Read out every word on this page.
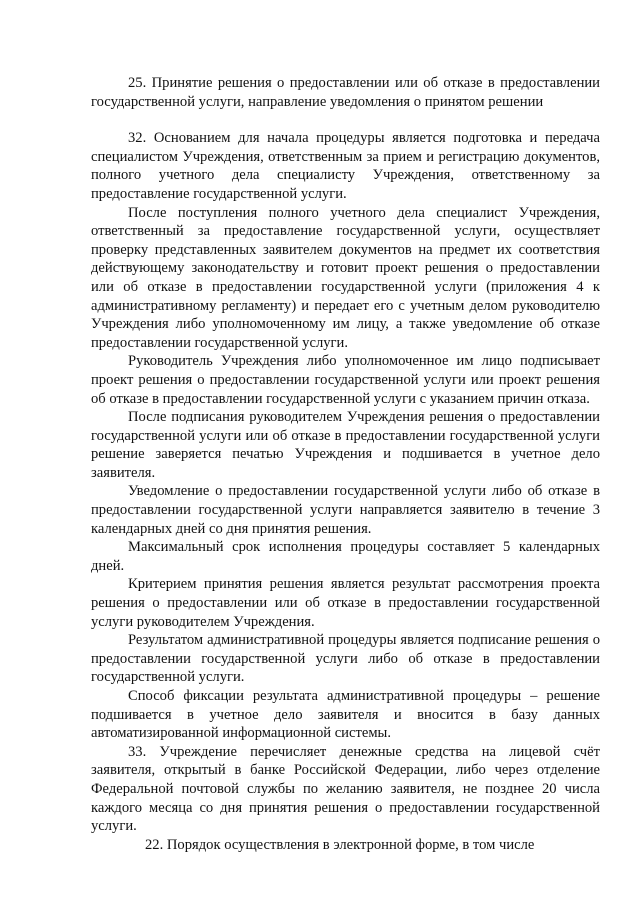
25. Принятие решения о предоставлении или об отказе в предоставлении государственной услуги, направление уведомления о принятом решении

32. Основанием для начала процедуры является подготовка и передача специалистом Учреждения, ответственным за прием и регистрацию документов, полного учетного дела специалисту Учреждения, ответственному за предоставление государственной услуги.

После поступления полного учетного дела специалист Учреждения, ответственный за предоставление государственной услуги, осуществляет проверку представленных заявителем документов на предмет их соответствия действующему законодательству и готовит проект решения о предоставлении или об отказе в предоставлении государственной услуги (приложения 4 к административному регламенту) и передает его с учетным делом руководителю Учреждения либо уполномоченному им лицу, а также уведомление об отказе предоставлении государственной услуги.

Руководитель Учреждения либо уполномоченное им лицо подписывает проект решения о предоставлении государственной услуги или проект решения об отказе в предоставлении государственной услуги с указанием причин отказа.

После подписания руководителем Учреждения решения о предоставлении государственной услуги или об отказе в предоставлении государственной услуги решение заверяется печатью Учреждения и подшивается в учетное дело заявителя.

Уведомление о предоставлении государственной услуги либо об отказе в предоставлении государственной услуги направляется заявителю в течение 3 календарных дней со дня принятия решения.

Максимальный срок исполнения процедуры составляет 5 календарных дней.

Критерием принятия решения является результат рассмотрения проекта решения о предоставлении или об отказе в предоставлении государственной услуги руководителем Учреждения.

Результатом административной процедуры является подписание решения о предоставлении государственной услуги либо об отказе в предоставлении государственной услуги.

Способ фиксации результата административной процедуры – решение подшивается в учетное дело заявителя и вносится в базу данных автоматизированной информационной системы.

33. Учреждение перечисляет денежные средства на лицевой счёт заявителя, открытый в банке Российской Федерации, либо через отделение Федеральной почтовой службы по желанию заявителя, не позднее 20 числа каждого месяца со дня принятия решения о предоставлении государственной услуги.

22. Порядок осуществления в электронной форме, в том числе
